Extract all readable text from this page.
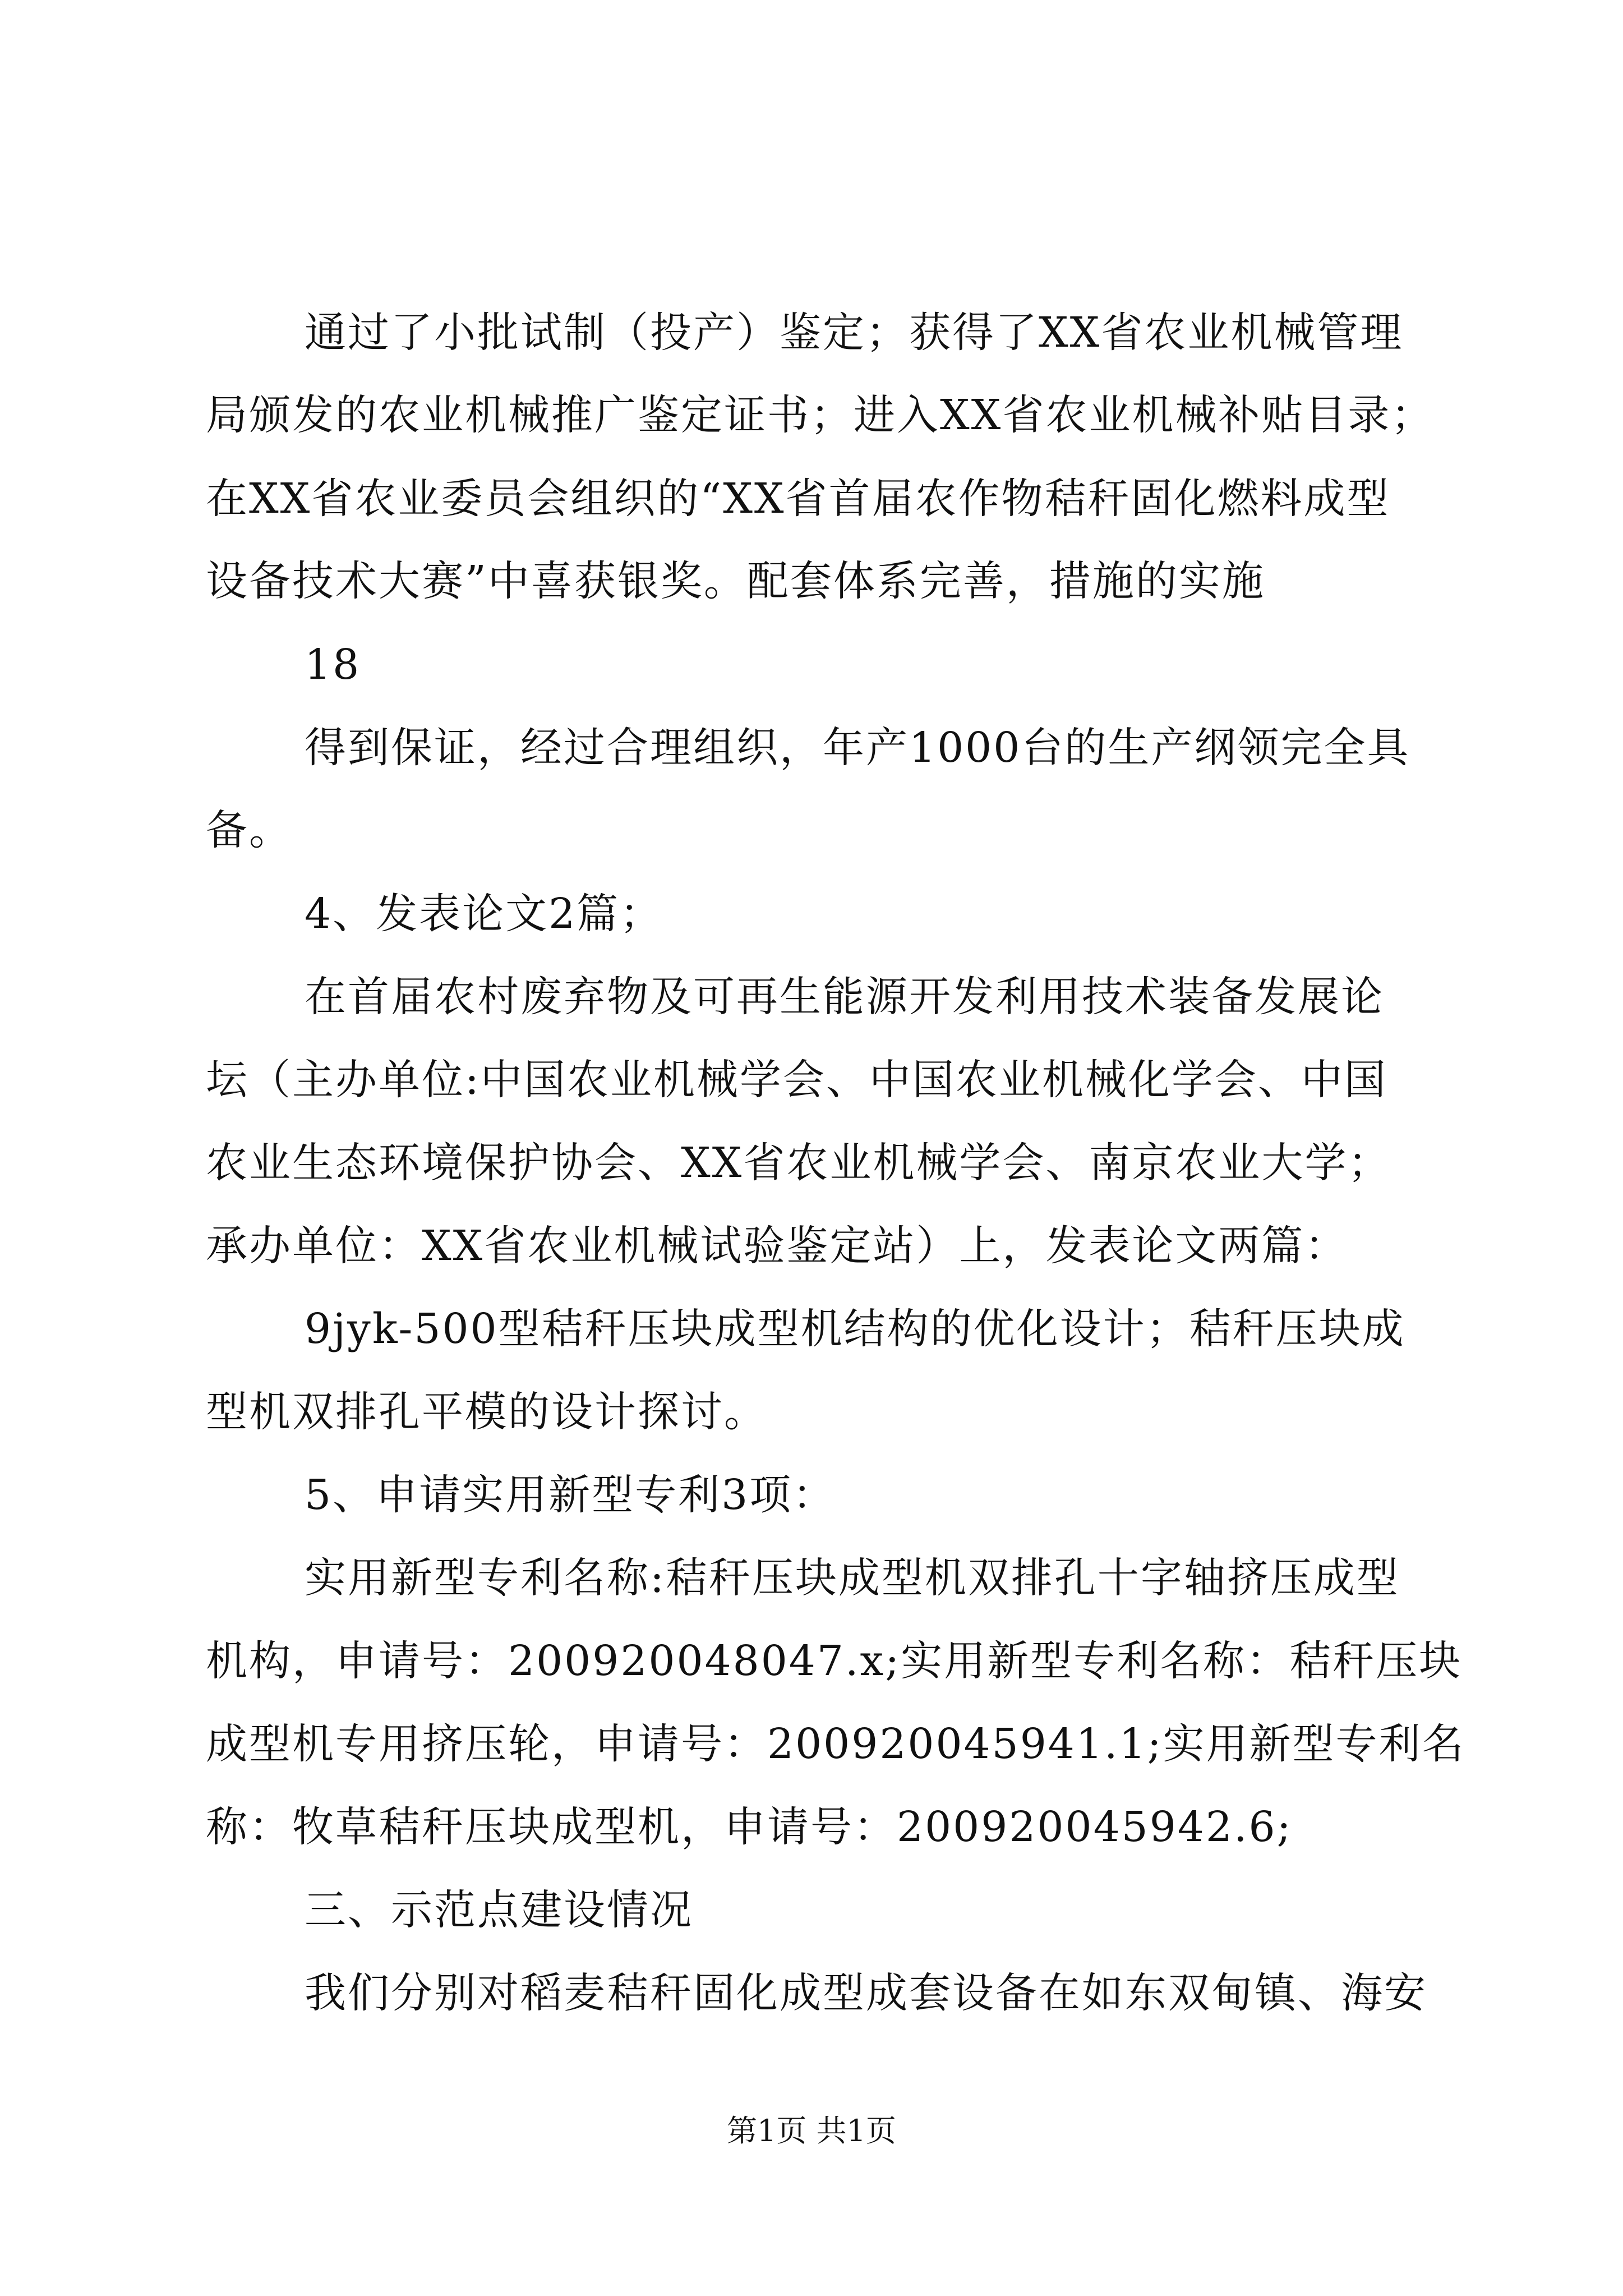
通过了小批试制（投产）鉴定；获得了XX省农业机械管理
局颁发的农业机械推广鉴定证书；进入XX省农业机械补贴目录；
在XX省农业委员会组织的“XX省首届农作物秸秆固化燃料成型
设备技术大赛”中喜获银奖。配套体系完善，措施的实施
18
得到保证，经过合理组织，年产1000台的生产纲领完全具
备。
4、发表论文2篇；
在首届农村废弃物及可再生能源开发利用技术装备发展论
坛（主办单位:中国农业机械学会、中国农业机械化学会、中国
农业生态环境保护协会、XX省农业机械学会、南京农业大学；
承办单位：XX省农业机械试验鉴定站）上，发表论文两篇：
9jyk-500型秸秆压块成型机结构的优化设计；秸秆压块成
型机双排孔平模的设计探讨。
5、申请实用新型专利3项：
实用新型专利名称:秸秆压块成型机双排孔十字轴挤压成型
机构，申请号：200920048047.x;实用新型专利名称：秸秆压块
成型机专用挤压轮，申请号：200920045941.1;实用新型专利名
称：牧草秸秆压块成型机，申请号：200920045942.6;
三、示范点建设情况
我们分别对稻麦秸秆固化成型成套设备在如东双甸镇、海安
第1页 共1页
